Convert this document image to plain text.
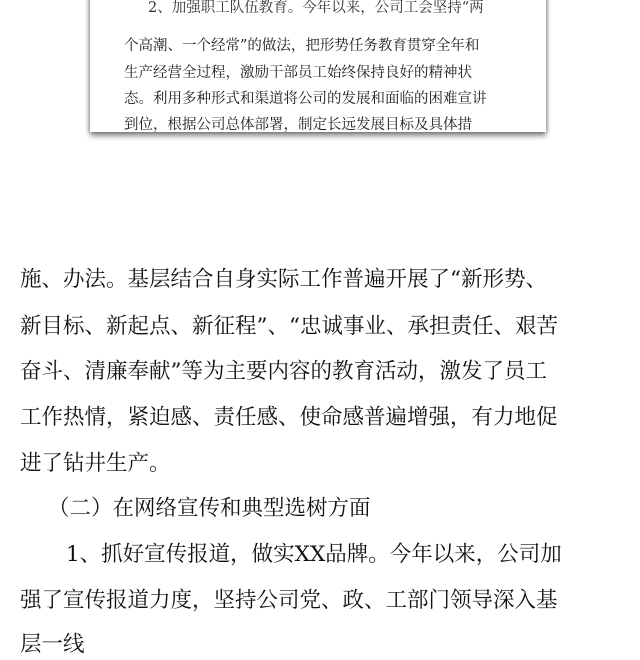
2、加强职工队伍教育。今年以来，公司工会坚持“两
个高潮、一个经常”的做法，把形势任务教育贯穿全年和
生产经营全过程，激励干部员工始终保持良好的精神状
态。利用多种形式和渠道将公司的发展和面临的困难宣讲
到位，根据公司总体部署，制定长远发展目标及具体措
施、办法。基层结合自身实际工作普遍开展了“新形势、
新目标、新起点、新征程”、“忠诚事业、承担责任、艰苦
奋斗、清廉奉献”等为主要内容的教育活动，激发了员工
工作热情，紧迫感、责任感、使命感普遍增强，有力地促
进了钻井生产。
（二）在网络宣传和典型选树方面
1、抓好宣传报道，做实XX品牌。今年以来，公司加
强了宣传报道力度，坚持公司党、政、工部门领导深入基
层一线
